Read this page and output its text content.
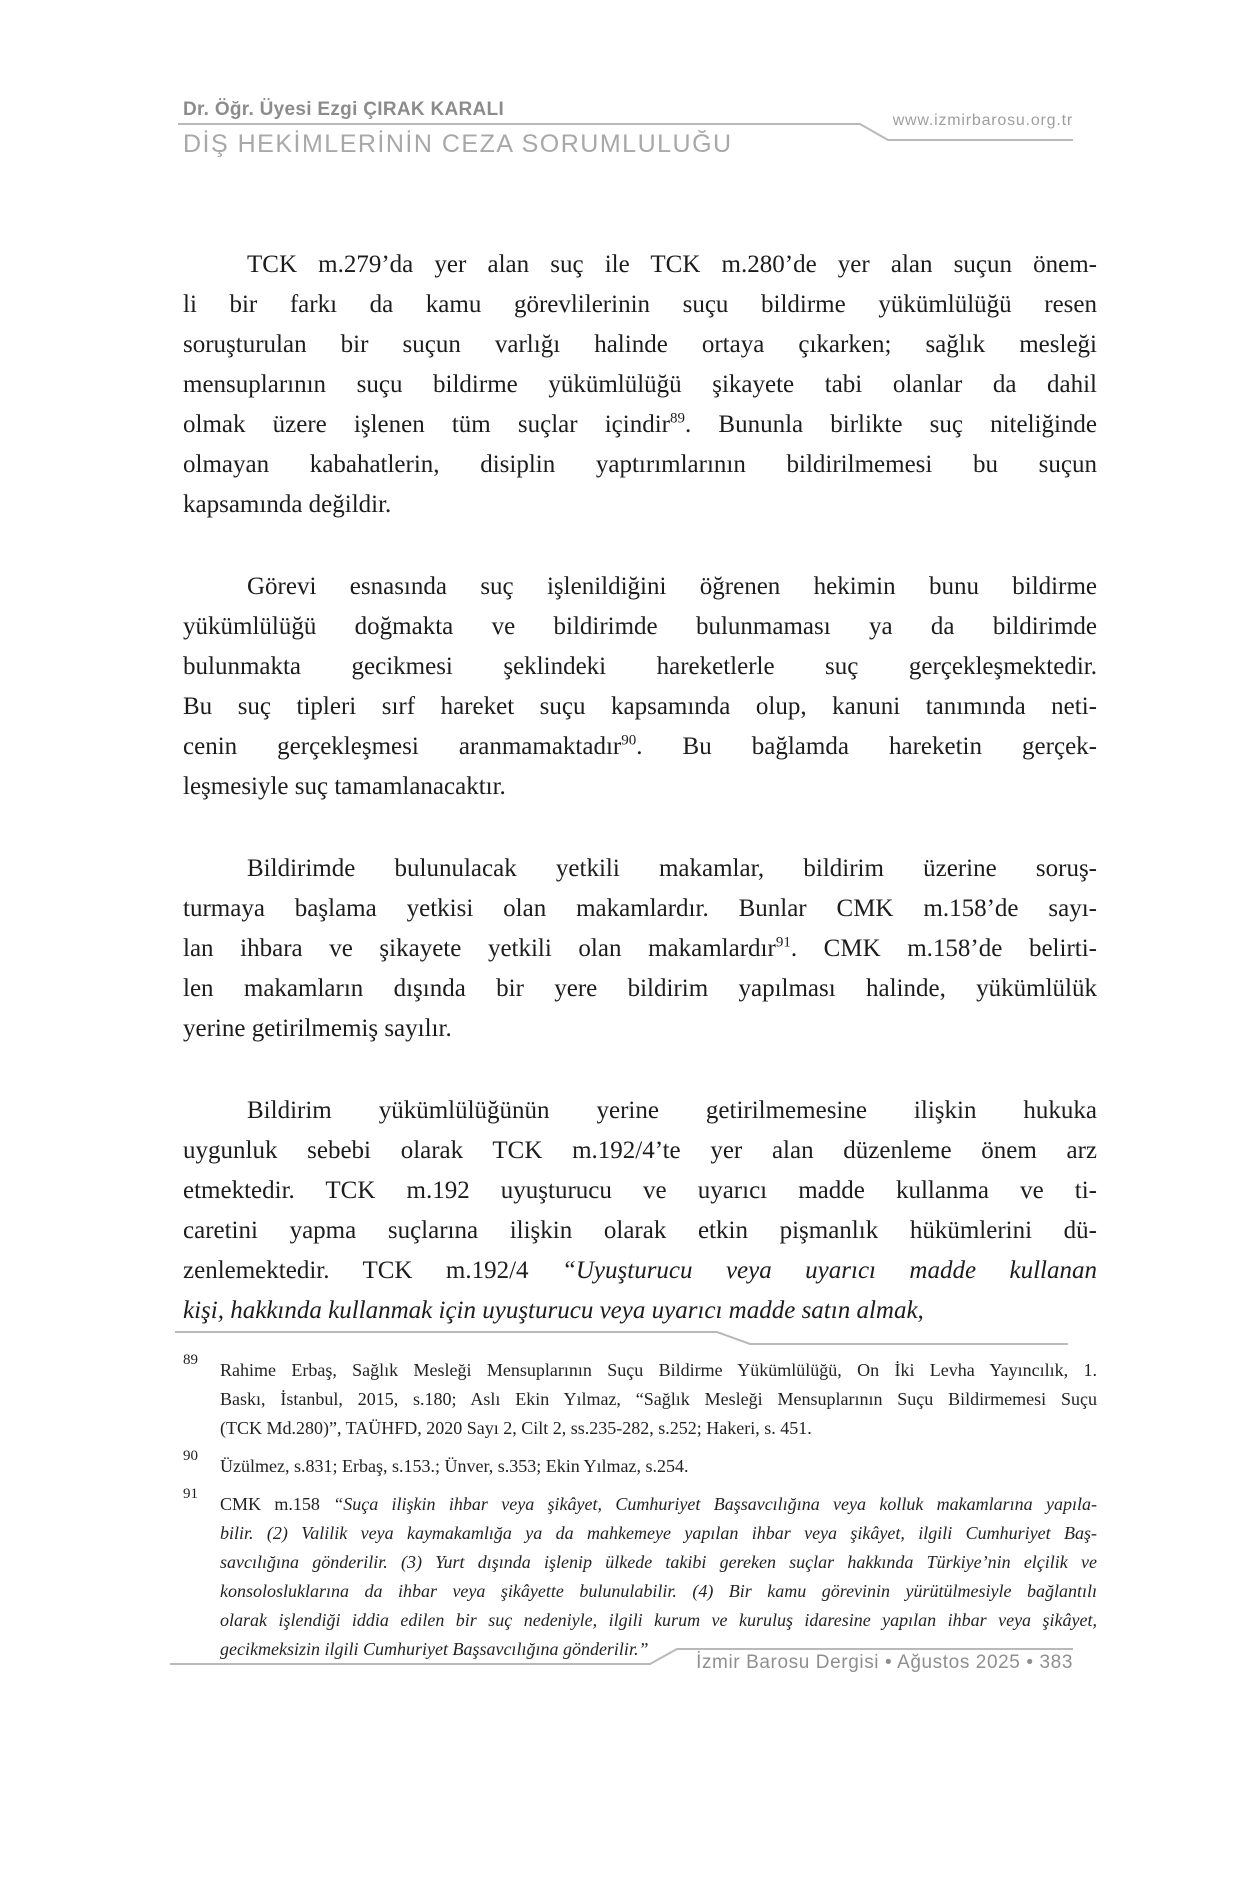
Dr. Öğr. Üyesi Ezgi ÇIRAK KARALI
DİŞ HEKİMLERİNİN CEZA SORUMLULUĞU
www.izmirbarosu.org.tr
TCK m.279’da yer alan suç ile TCK m.280’de yer alan suçun önem-
li bir farkı da kamu görevlilerinin suçu bildirme yükümlülüğü resen
soruşturulan bir suçun varlığı halinde ortaya çıkarken; sağlık mesleği
mensuplarının suçu bildirme yükümlülüğü şikayete tabi olanlar da dahil
olmak üzere işlenen tüm suçlar içindir$^{89}$. Bununla birlikte suç niteliğinde
olmayan kabahatlerin, disiplin yaptırımlarının bildirilmemesi bu suçun
kapsamında değildir.
Görevi esnasında suç işlenildiğini öğrenen hekimin bunu bildirme
yükümlülüğü doğmakta ve bildirimde bulunmaması ya da bildirimde
bulunmakta gecikmesi şeklindeki hareketlerle suç gerçekleşmektedir.
Bu suç tipleri sırf hareket suçu kapsamında olup, kanuni tanımında neti-
cenin gerçekleşmesi aranmamaktadır$^{90}$. Bu bağlamda hareketin gerçek-
leşmesiyle suç tamamlanacaktır.
Bildirimde bulunulacak yetkili makamlar, bildirim üzerine soruş-
turmaya başlama yetkisi olan makamlardır. Bunlar CMK m.158’de sayı-
lan ihbara ve şikayete yetkili olan makamlardır$^{91}$. CMK m.158’de belirti-
len makamların dışında bir yere bildirim yapılması halinde, yükümlülük
yerine getirilmemiş sayılır.
Bildirim yükümlülüğünün yerine getirilmemesine ilişkin hukuka
uygunluk sebebi olarak TCK m.192/4’te yer alan düzenleme önem arz
etmektedir. TCK m.192 uyuşturucu ve uyarıcı madde kullanma ve ti-
caretini yapma suçlarına ilişkin olarak etkin pişmanlık hükümlerini dü-
zenlemektedir. TCK m.192/4 “Uyuşturucu veya uyarıcı madde kullanan
kişi, hakkında kullanmak için uyuşturucu veya uyarıcı madde satın almak,
89 Rahime Erbaş, Sağlık Mesleği Mensuplarının Suçu Bildirme Yükümlülüğü, On İki Levha Yayıncılık, 1.
Baskı, İstanbul, 2015, s.180; Aslı Ekin Yılmaz, “Sağlık Mesleği Mensuplarının Suçu Bildirmemesi Suçu
(TCK Md.280)”, TAÜHFD, 2020 Sayı 2, Cilt 2, ss.235-282, s.252; Hakeri, s. 451.
90 Üzülmez, s.831; Erbaş, s.153.; Ünver, s.353; Ekin Yılmaz, s.254.
91 CMK m.158 “Suça ilişkin ihbar veya şikâyet, Cumhuriyet Başsavcılığına veya kolluk makamlarına yapıla-
bilir. (2) Valilik veya kaymakamlığa ya da mahkemeye yapılan ihbar veya şikâyet, ilgili Cumhuriyet Baş-
savcılığına gönderilir. (3) Yurt dışında işlenip ülkede takibi gereken suçlar hakkında Türkiye’nin elçilik ve
konsolosluklarına da ihbar veya şikâyette bulunulabilir. (4) Bir kamu görevinin yürütülmesiyle bağlantılı
olarak işlendiği iddia edilen bir suç nedeniyle, ilgili kurum ve kuruluş idaresine yapılan ihbar veya şikâyet,
gecikmeksizin ilgili Cumhuriyet Başsavcılığına gönderilir.”
İzmir Barosu Dergisi • Ağustos 2025 • 383
